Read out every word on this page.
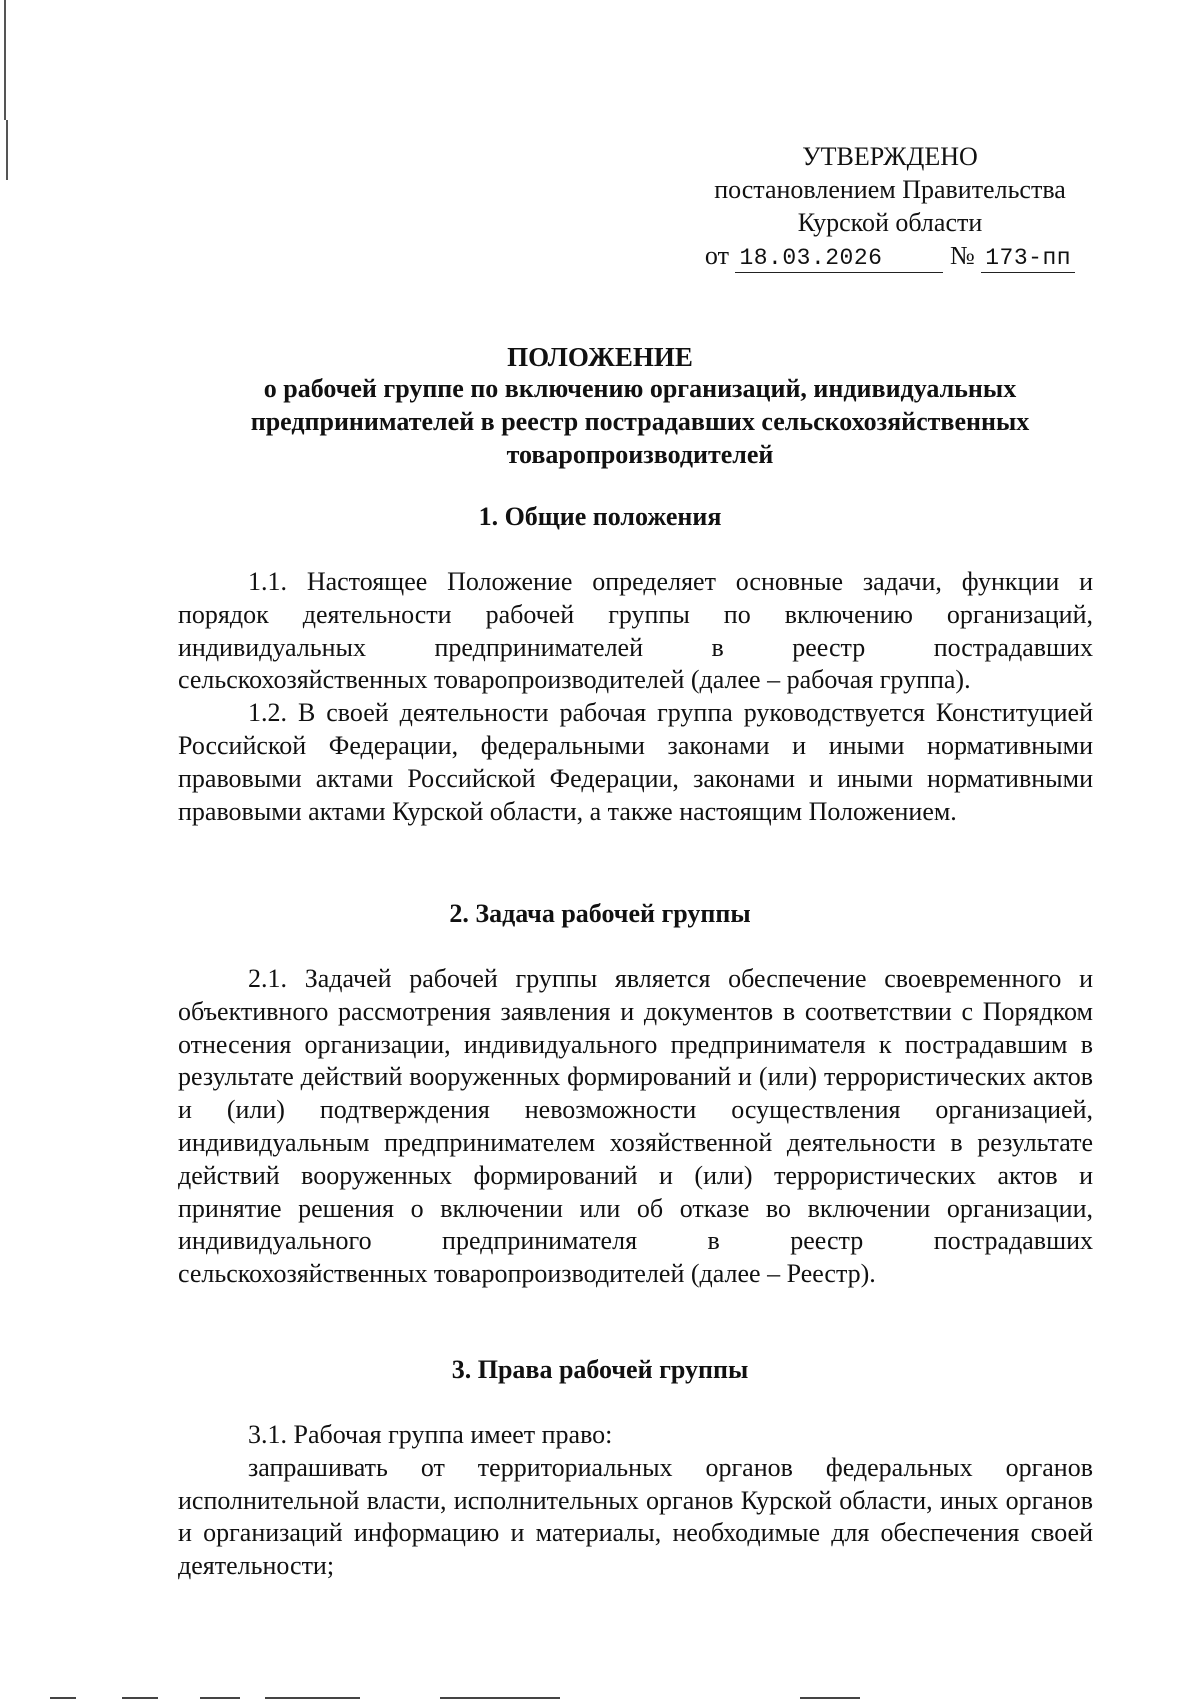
УТВЕРЖДЕНО
постановлением Правительства
Курской области
от 18.03.2026	№ 173-пп
ПОЛОЖЕНИЕ
о рабочей группе по включению организаций, индивидуальных
предпринимателей в реестр пострадавших сельскохозяйственных
товаропроизводителей
1. Общие положения

1.1. Настоящее Положение определяет основные задачи, функции и порядок деятельности рабочей группы по включению организаций, индивидуальных предпринимателей в реестр пострадавших сельскохозяйственных товаропроизводителей (далее – рабочая группа).

1.2. В своей деятельности рабочая группа руководствуется Конституцией Российской Федерации, федеральными законами и иными нормативными правовыми актами Российской Федерации, законами и иными нормативными правовыми актами Курской области, а также настоящим Положением.

2. Задача рабочей группы

2.1. Задачей рабочей группы является обеспечение своевременного и объективного рассмотрения заявления и документов в соответствии с Порядком отнесения организации, индивидуального предпринимателя к пострадавшим в результате действий вооруженных формирований и (или) террористических актов и (или) подтверждения невозможности осуществления организацией, индивидуальным предпринимателем хозяйственной деятельности в результате действий вооруженных формирований и (или) террористических актов и принятие решения о включении или об отказе во включении организации, индивидуального предпринимателя в реестр пострадавших сельскохозяйственных товаропроизводителей (далее – Реестр).

3. Права рабочей группы

3.1. Рабочая группа имеет право:

запрашивать от территориальных органов федеральных органов исполнительной власти, исполнительных органов Курской области, иных органов и организаций информацию и материалы, необходимые для обеспечения своей деятельности;
